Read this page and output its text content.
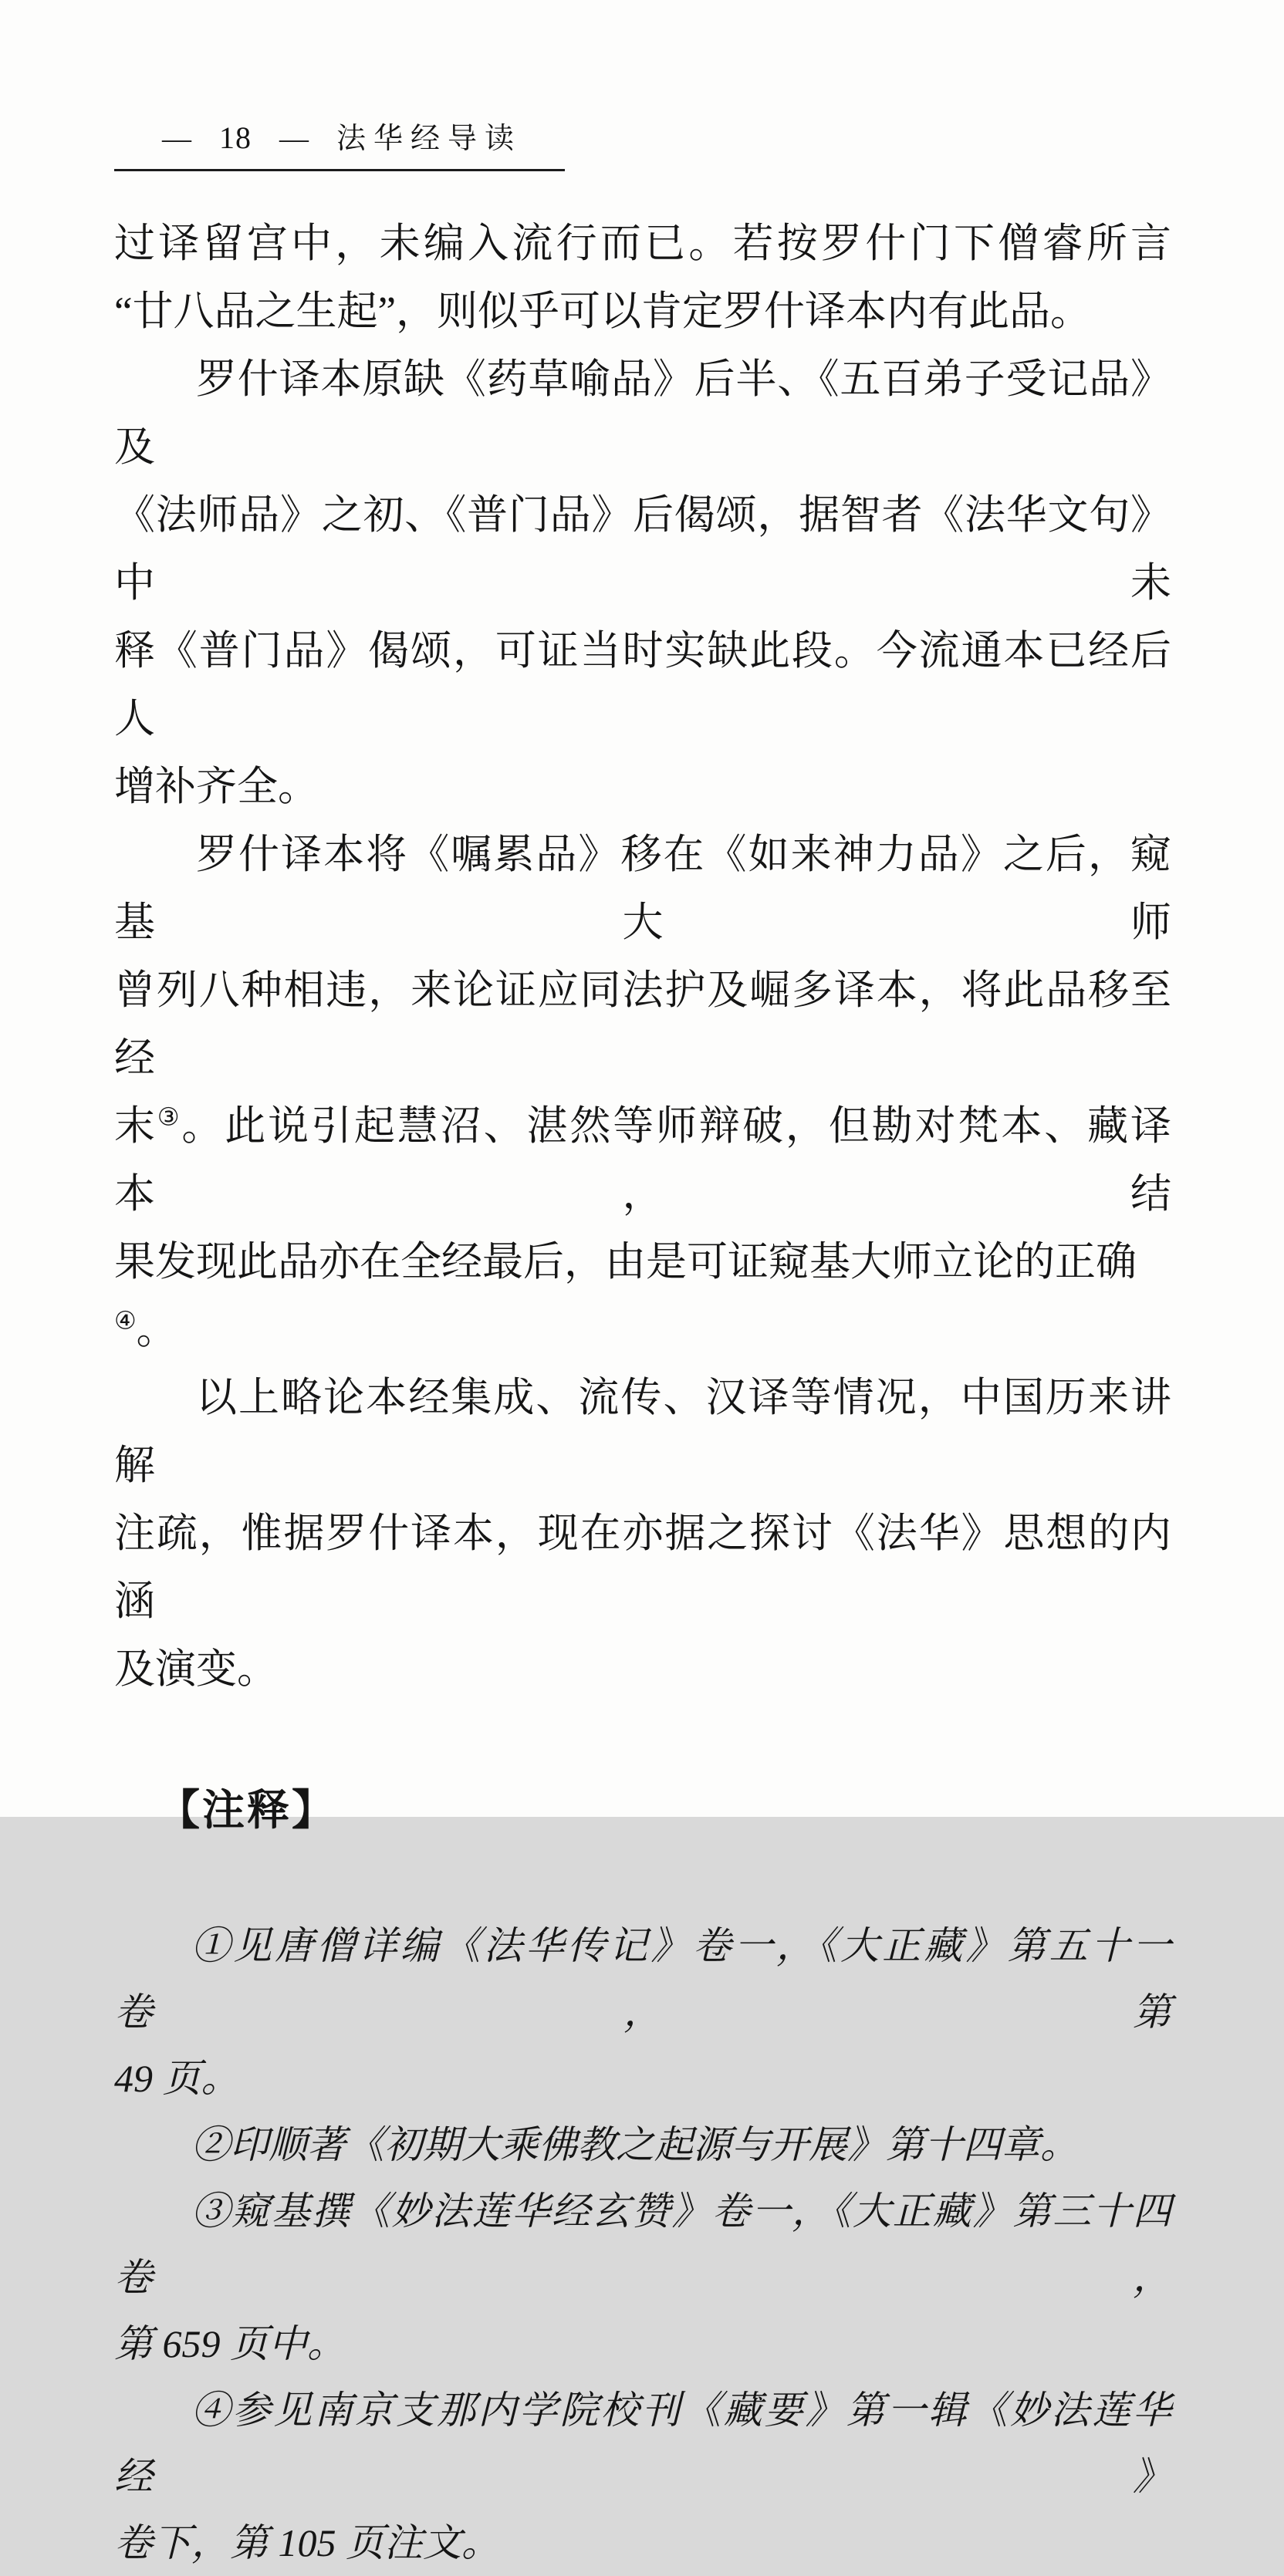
— 18 — 法华经导读
过译留宫中，未编入流行而已。若按罗什门下僧睿所言
“廿八品之生起”，则似乎可以肯定罗什译本内有此品。
罗什译本原缺《药草喻品》后半、《五百弟子受记品》及
《法师品》之初、《普门品》后偈颂，据智者《法华文句》中未
释《普门品》偈颂，可证当时实缺此段。今流通本已经后人
增补齐全。
罗什译本将《嘱累品》移在《如来神力品》之后，窥基大师
曾列八种相违，来论证应同法护及崛多译本，将此品移至经
末③。此说引起慧沼、湛然等师辩破，但勘对梵本、藏译本，结
果发现此品亦在全经最后，由是可证窥基大师立论的正确④。
以上略论本经集成、流传、汉译等情况，中国历来讲解
注疏，惟据罗什译本，现在亦据之探讨《法华》思想的内涵
及演变。
【注释】
①见唐僧详编《法华传记》卷一，《大正藏》第五十一卷，第
49 页。
②印顺著《初期大乘佛教之起源与开展》第十四章。
③窥基撰《妙法莲华经玄赞》卷一，《大正藏》第三十四卷，
第 659 页中。
④参见南京支那内学院校刊《藏要》第一辑《妙法莲华经》
卷下，第 105 页注文。
